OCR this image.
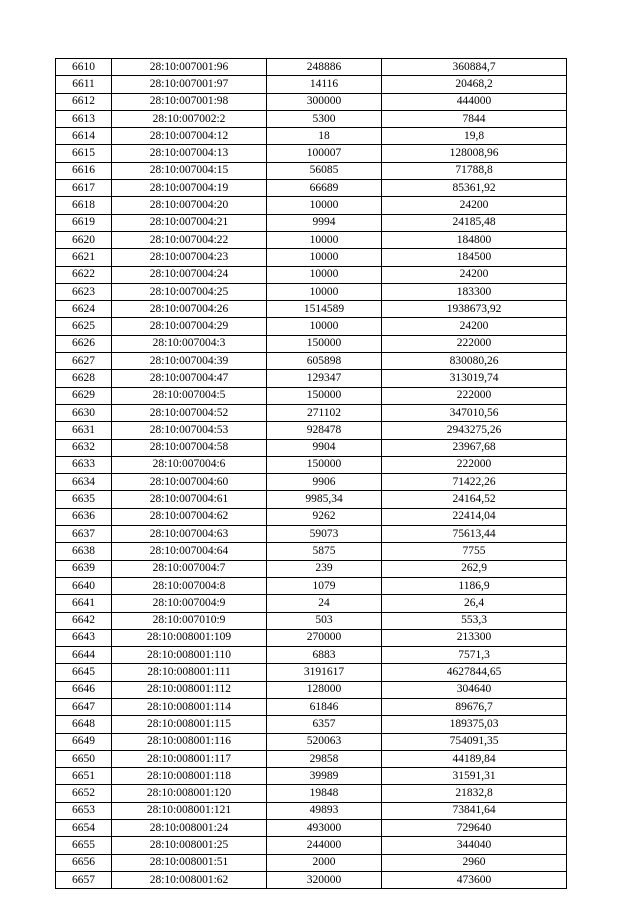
6610	28:10:007001:96	248886	360884,7
6611	28:10:007001:97	14116	20468,2
6612	28:10:007001:98	300000	444000
6613	28:10:007002:2	5300	7844
6614	28:10:007004:12	18	19,8
6615	28:10:007004:13	100007	128008,96
6616	28:10:007004:15	56085	71788,8
6617	28:10:007004:19	66689	85361,92
6618	28:10:007004:20	10000	24200
6619	28:10:007004:21	9994	24185,48
6620	28:10:007004:22	10000	184800
6621	28:10:007004:23	10000	184500
6622	28:10:007004:24	10000	24200
6623	28:10:007004:25	10000	183300
6624	28:10:007004:26	1514589	1938673,92
6625	28:10:007004:29	10000	24200
6626	28:10:007004:3	150000	222000
6627	28:10:007004:39	605898	830080,26
6628	28:10:007004:47	129347	313019,74
6629	28:10:007004:5	150000	222000
6630	28:10:007004:52	271102	347010,56
6631	28:10:007004:53	928478	2943275,26
6632	28:10:007004:58	9904	23967,68
6633	28:10:007004:6	150000	222000
6634	28:10:007004:60	9906	71422,26
6635	28:10:007004:61	9985,34	24164,52
6636	28:10:007004:62	9262	22414,04
6637	28:10:007004:63	59073	75613,44
6638	28:10:007004:64	5875	7755
6639	28:10:007004:7	239	262,9
6640	28:10:007004:8	1079	1186,9
6641	28:10:007004:9	24	26,4
6642	28:10:007010:9	503	553,3
6643	28:10:008001:109	270000	213300
6644	28:10:008001:110	6883	7571,3
6645	28:10:008001:111	3191617	4627844,65
6646	28:10:008001:112	128000	304640
6647	28:10:008001:114	61846	89676,7
6648	28:10:008001:115	6357	189375,03
6649	28:10:008001:116	520063	754091,35
6650	28:10:008001:117	29858	44189,84
6651	28:10:008001:118	39989	31591,31
6652	28:10:008001:120	19848	21832,8
6653	28:10:008001:121	49893	73841,64
6654	28:10:008001:24	493000	729640
6655	28:10:008001:25	244000	344040
6656	28:10:008001:51	2000	2960
6657	28:10:008001:62	320000	473600
